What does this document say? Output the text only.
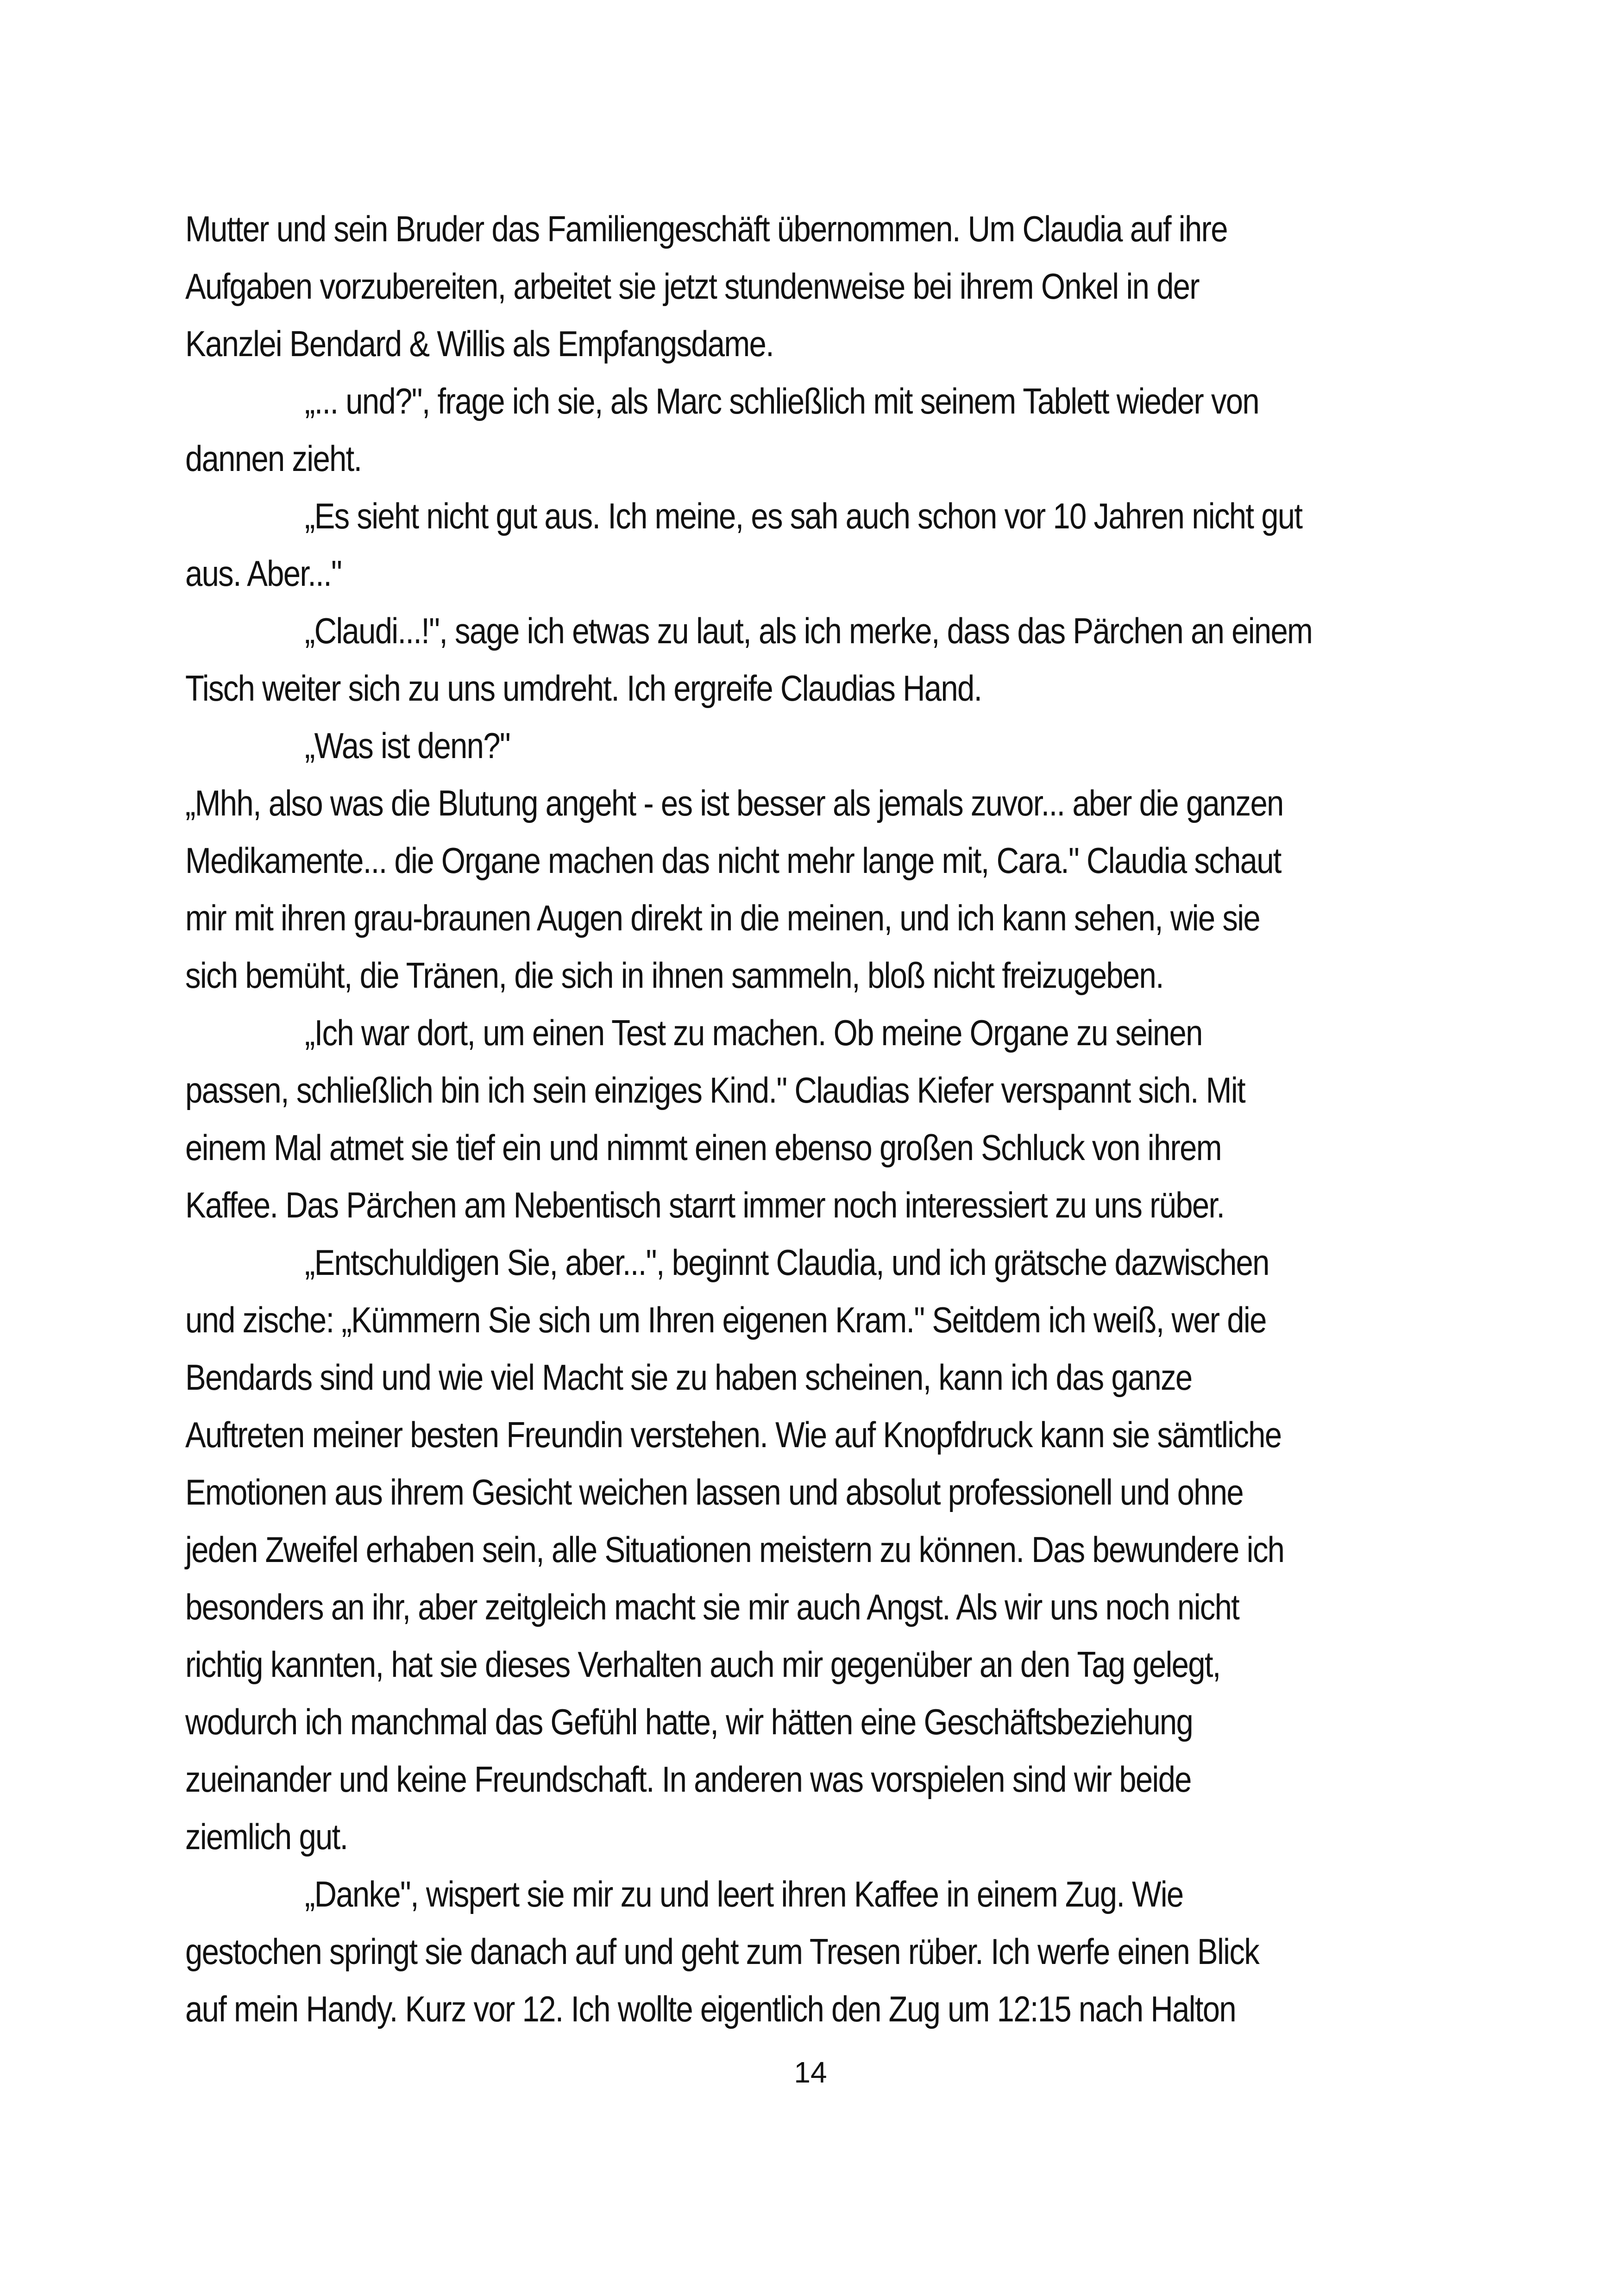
Mutter und sein Bruder das Familiengeschäft übernommen. Um Claudia auf ihre
Aufgaben vorzubereiten, arbeitet sie jetzt stundenweise bei ihrem Onkel in der
Kanzlei Bendard & Willis als Empfangsdame.
„... und?", frage ich sie, als Marc schließlich mit seinem Tablett wieder von
dannen zieht.
„Es sieht nicht gut aus. Ich meine, es sah auch schon vor 10 Jahren nicht gut
aus. Aber..."
„Claudi...!", sage ich etwas zu laut, als ich merke, dass das Pärchen an einem
Tisch weiter sich zu uns umdreht. Ich ergreife Claudias Hand.
„Was ist denn?"
„Mhh, also was die Blutung angeht - es ist besser als jemals zuvor... aber die ganzen
Medikamente... die Organe machen das nicht mehr lange mit, Cara." Claudia schaut
mir mit ihren grau-braunen Augen direkt in die meinen, und ich kann sehen, wie sie
sich bemüht, die Tränen, die sich in ihnen sammeln, bloß nicht freizugeben.
„Ich war dort, um einen Test zu machen. Ob meine Organe zu seinen
passen, schließlich bin ich sein einziges Kind." Claudias Kiefer verspannt sich. Mit
einem Mal atmet sie tief ein und nimmt einen ebenso großen Schluck von ihrem
Kaffee. Das Pärchen am Nebentisch starrt immer noch interessiert zu uns rüber.
„Entschuldigen Sie, aber...", beginnt Claudia, und ich grätsche dazwischen
und zische: „Kümmern Sie sich um Ihren eigenen Kram." Seitdem ich weiß, wer die
Bendards sind und wie viel Macht sie zu haben scheinen, kann ich das ganze
Auftreten meiner besten Freundin verstehen. Wie auf Knopfdruck kann sie sämtliche
Emotionen aus ihrem Gesicht weichen lassen und absolut professionell und ohne
jeden Zweifel erhaben sein, alle Situationen meistern zu können. Das bewundere ich
besonders an ihr, aber zeitgleich macht sie mir auch Angst. Als wir uns noch nicht
richtig kannten, hat sie dieses Verhalten auch mir gegenüber an den Tag gelegt,
wodurch ich manchmal das Gefühl hatte, wir hätten eine Geschäftsbeziehung
zueinander und keine Freundschaft. In anderen was vorspielen sind wir beide
ziemlich gut.
„Danke", wispert sie mir zu und leert ihren Kaffee in einem Zug. Wie
gestochen springt sie danach auf und geht zum Tresen rüber. Ich werfe einen Blick
auf mein Handy. Kurz vor 12. Ich wollte eigentlich den Zug um 12:15 nach Halton
14
